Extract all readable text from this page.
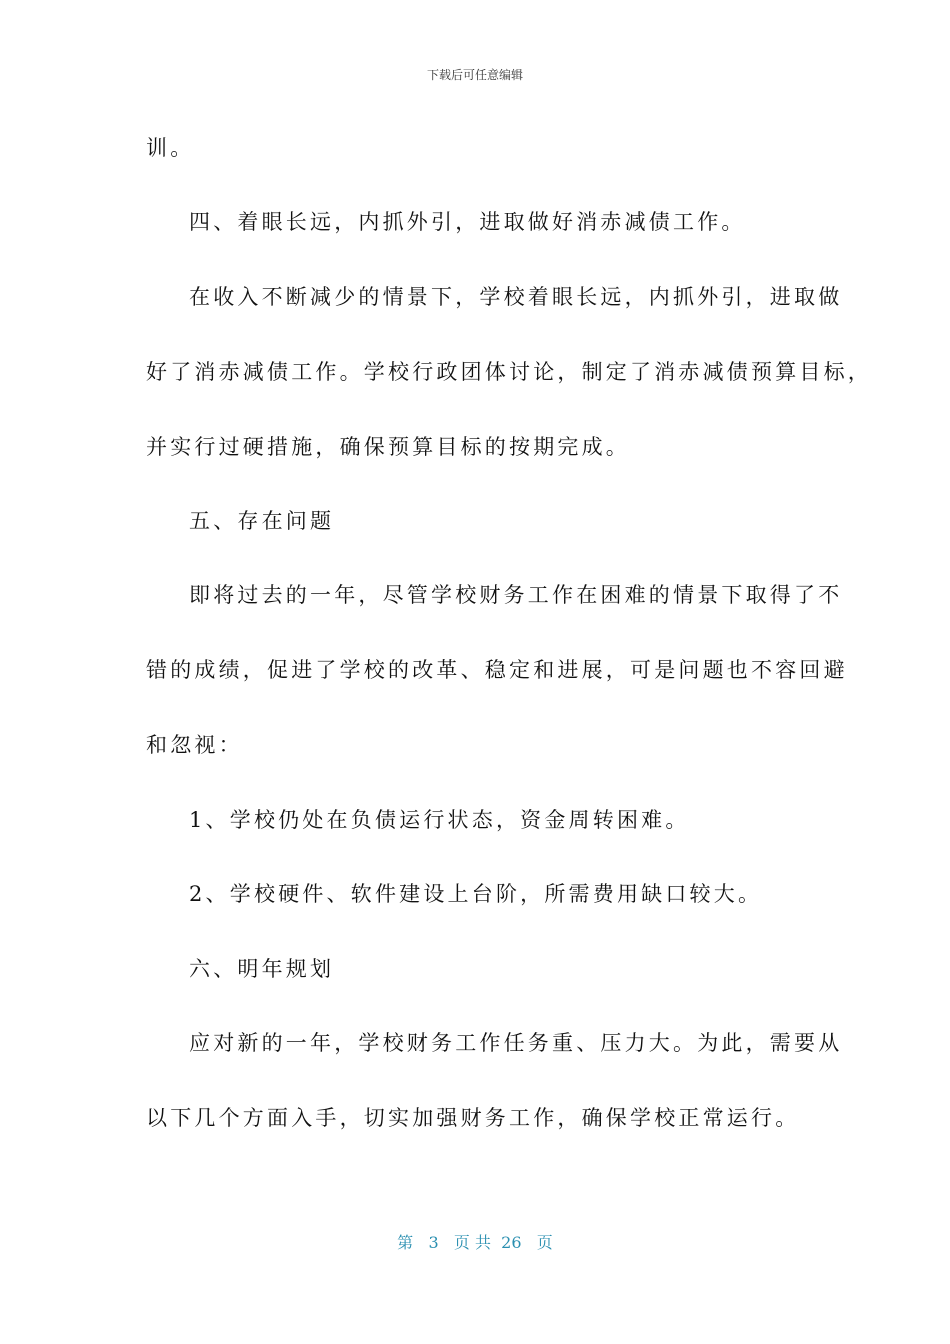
下载后可任意编辑
训。
四、着眼长远，内抓外引，进取做好消赤减债工作。
在收入不断减少的情景下，学校着眼长远，内抓外引，进取做
好了消赤减债工作。学校行政团体讨论，制定了消赤减债预算目标，
并实行过硬措施，确保预算目标的按期完成。
五、存在问题
即将过去的一年，尽管学校财务工作在困难的情景下取得了不
错的成绩，促进了学校的改革、稳定和进展，可是问题也不容回避
和忽视：
1、学校仍处在负债运行状态，资金周转困难。
2、学校硬件、软件建设上台阶，所需费用缺口较大。
六、明年规划
应对新的一年，学校财务工作任务重、压力大。为此，需要从
以下几个方面入手，切实加强财务工作，确保学校正常运行。
第 3 页 共 26 页
